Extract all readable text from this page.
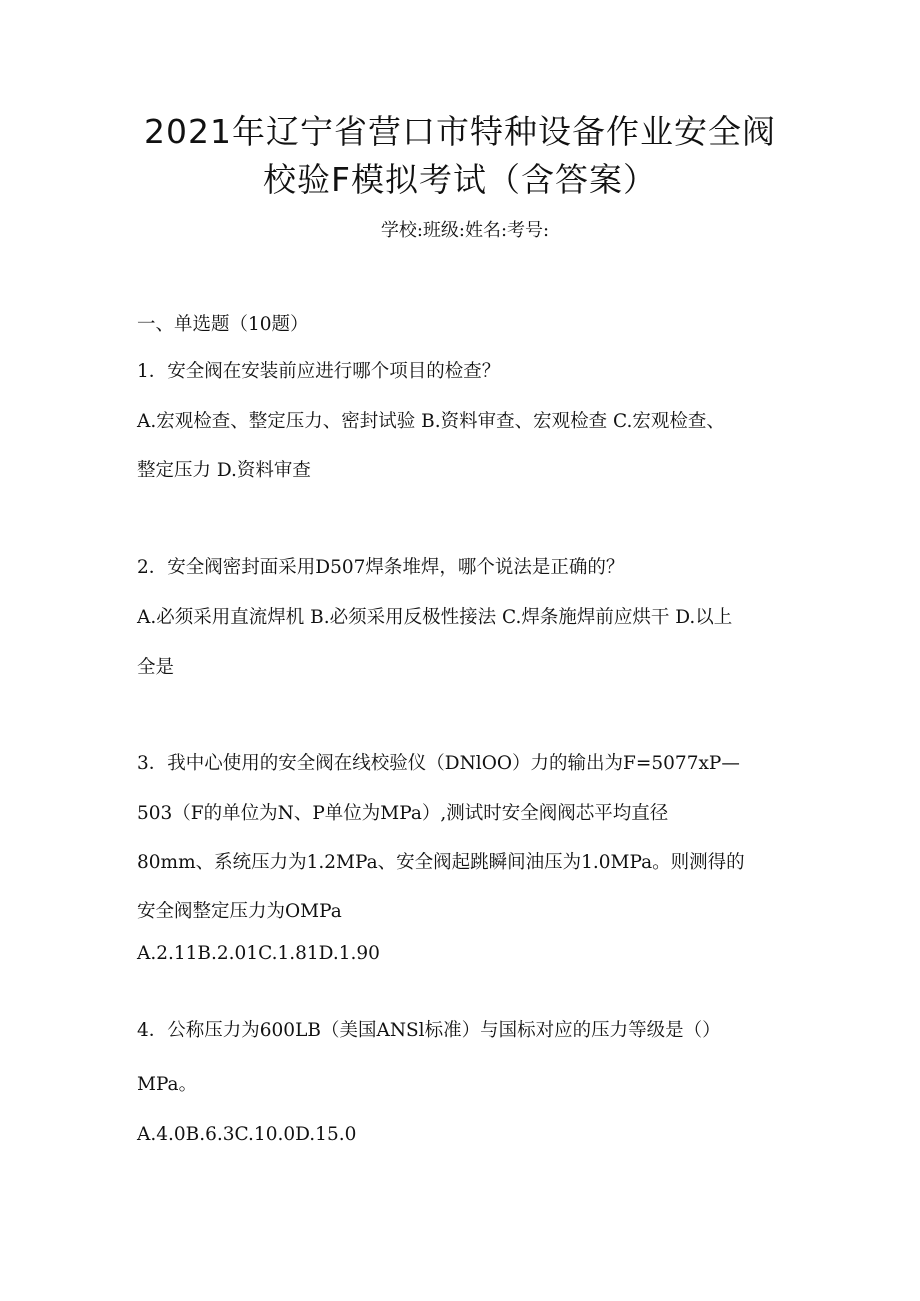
2021年辽宁省营口市特种设备作业安全阀
校验F模拟考试（含答案）
学校:班级:姓名:考号:
一、单选题（10题）
1．安全阀在安装前应进行哪个项目的检查？
A.宏观检查、整定压力、密封试验 B.资料审查、宏观检查 C.宏观检查、
整定压力 D.资料审查
2．安全阀密封面采用D507焊条堆焊，哪个说法是正确的？
A.必须采用直流焊机 B.必须采用反极性接法 C.焊条施焊前应烘干 D.以上
全是
3．我中心使用的安全阀在线校验仪（DNlOO）力的输出为F=5077xP—
503（F的单位为N、P单位为MPa）,测试时安全阀阀芯平均直径
80mm、系统压力为1.2MPa、安全阀起跳瞬间油压为1.0MPa。则测得的
安全阀整定压力为OMPa
A.2.11B.2.01C.1.81D.1.90
4．公称压力为600LB（美国ANSl标准）与国标对应的压力等级是（）
MPa。
A.4.0B.6.3C.10.0D.15.0
